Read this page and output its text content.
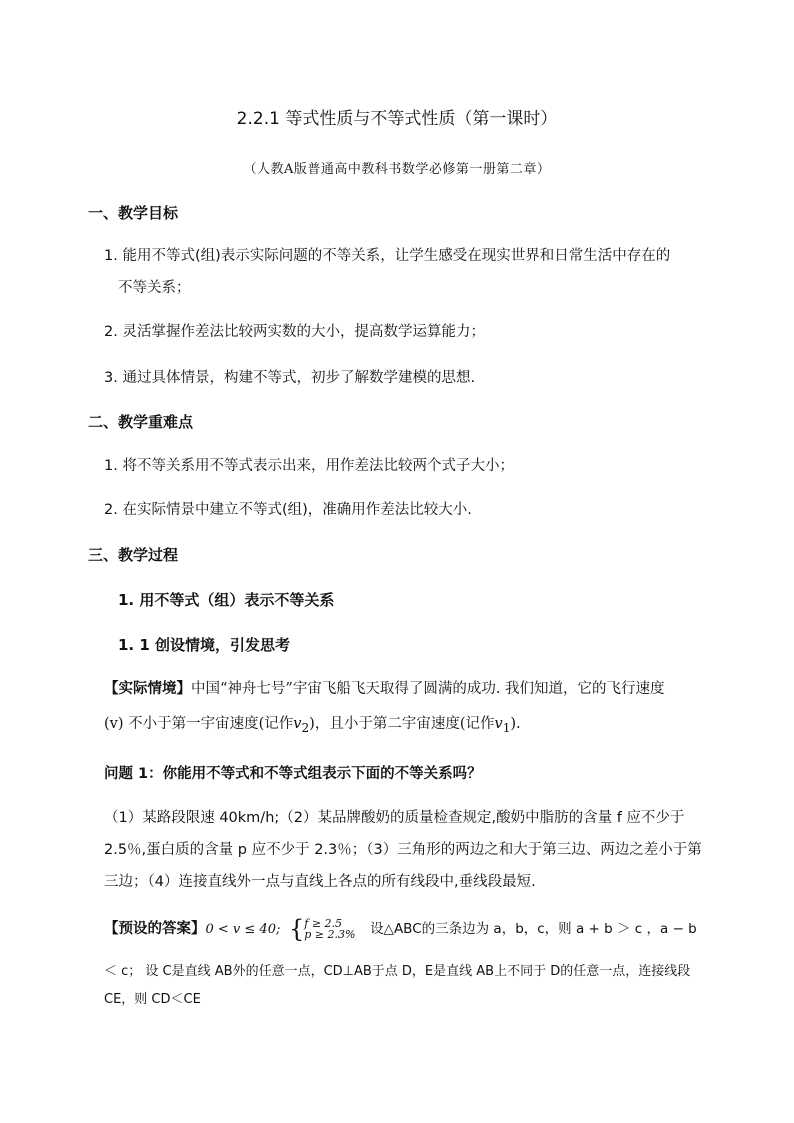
2.2.1 等式性质与不等式性质（第一课时）
（人教A版普通高中教科书数学必修第一册第二章）
一、教学目标
1. 能用不等式(组)表示实际问题的不等关系，让学生感受在现实世界和日常生活中存在的
不等关系；
2. 灵活掌握作差法比较两实数的大小，提高数学运算能力；
3. 通过具体情景，构建不等式，初步了解数学建模的思想.
二、教学重难点
1. 将不等关系用不等式表示出来，用作差法比较两个式子大小；
2. 在实际情景中建立不等式(组)，准确用作差法比较大小.
三、教学过程
1. 用不等式（组）表示不等关系
1. 1 创设情境，引发思考
【实际情境】中国“神舟七号”宇宙飞船飞天取得了圆满的成功. 我们知道，它的飞行速度
(v) 不小于第一宇宙速度(记作$v_2$)，且小于第二宇宙速度(记作$v_1$).
问题 1：你能用不等式和不等式组表示下面的不等关系吗？
（1）某路段限速 40km/h;（2）某品牌酸奶的质量检查规定,酸奶中脂肪的含量 f 应不少于
2.5％,蛋白质的含量 p 应不少于 2.3％；（3）三角形的两边之和大于第三边、两边之差小于第
三边；（4）连接直线外一点与直线上各点的所有线段中,垂线段最短.
【预设的答案】0 < v ≤ 40; { f ≥ 2.5
p ≥ 2.3% 设△ABC的三条边为 a，b，c，则 a + b ＞ c ，a − b
＜ c； 设 C是直线 AB外的任意一点，CD⊥AB于点 D，E是直线 AB上不同于 D的任意一点，连接线段
CE，则 CD＜CE
